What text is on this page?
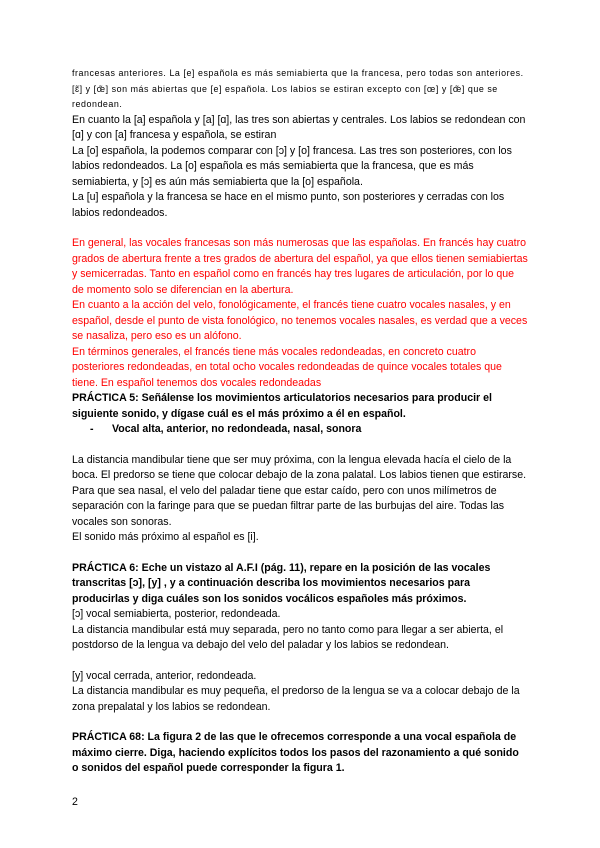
francesas anteriores. La [e] española es más semiabierta que la francesa, pero todas son anteriores. [ɛ̃] y [œ̃] son más abiertas que [e] española. Los labios se estiran excepto con [œ] y [œ̃] que se redondean.

En cuanto la [a] española y [a] [ɑ], las tres son abiertas y centrales. Los labios se redondean con [ɑ] y con [a] francesa y española, se estiran

La [o] española, la podemos comparar con [ɔ] y [o] francesa. Las tres son posteriores, con los labios redondeados. La [o] española es más semiabierta que la francesa, que es más semiabierta, y [ɔ] es aún más semiabierta que la [o] española.

La [u] española y la francesa se hace en el mismo punto, son posteriores y cerradas con los labios redondeados.

En general, las vocales francesas son más numerosas que las españolas. En francés hay cuatro grados de abertura frente a tres grados de abertura del español, ya que ellos tienen semiabiertas y semicerradas. Tanto en español como en francés hay tres lugares de articulación, por lo que de momento solo se diferencian en la abertura.

En cuanto a la acción del velo, fonológicamente, el francés tiene cuatro vocales nasales, y en español, desde el punto de vista fonológico, no tenemos vocales nasales, es verdad que a veces se nasaliza, pero eso es un alófono.

En términos generales, el francés tiene más vocales redondeadas, en concreto cuatro posteriores redondeadas, en total ocho vocales redondeadas de quince vocales totales que tiene. En español tenemos dos vocales redondeadas

PRÁCTICA 5: Señálense los movimientos articulatorios necesarios para producir el siguiente sonido, y dígase cuál es el más próximo a él en español.

-	Vocal alta, anterior, no redondeada, nasal, sonora

La distancia mandibular tiene que ser muy próxima, con la lengua elevada hacía el cielo de la boca. El predorso se tiene que colocar debajo de la zona palatal. Los labios tienen que estirarse. Para que sea nasal, el velo del paladar tiene que estar caído, pero con unos milímetros de separación con la faringe para que se puedan filtrar parte de las burbujas del aire. Todas las vocales son sonoras.

El sonido más próximo al español es [i].

PRÁCTICA 6: Eche un vistazo al A.F.I (pág. 11), repare en la posición de las vocales transcritas [ɔ], [y] , y a continuación describa los movimientos necesarios para producirlas y diga cuáles son los sonidos vocálicos españoles más próximos.

[ɔ] vocal semiabierta, posterior, redondeada.

La distancia mandibular está muy separada, pero no tanto como para llegar a ser abierta, el postdorso de la lengua va debajo del velo del paladar y los labios se redondean.

[y] vocal cerrada, anterior, redondeada.

La distancia mandibular es muy pequeña, el predorso de la lengua se va a colocar debajo de la zona prepalatal y los labios se redondean.

PRÁCTICA 68: La figura 2 de las que le ofrecemos corresponde a una vocal española de máximo cierre. Diga, haciendo explícitos todos los pasos del razonamiento a qué sonido o sonidos del español puede corresponder la figura 1.

2
